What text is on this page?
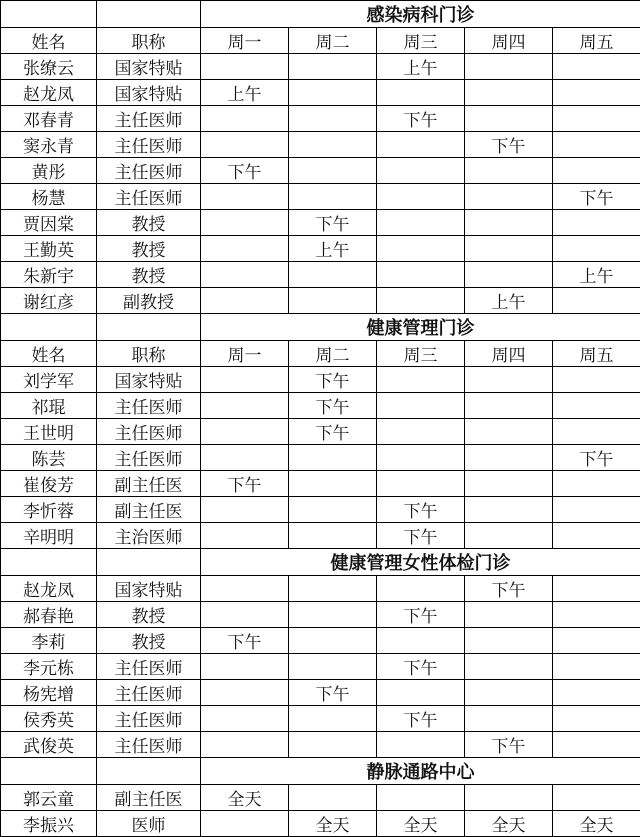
		感染病科门诊				
姓名	职称	周一	周二	周三	周四	周五
张缭云	国家特贴			上午		
赵龙凤	国家特贴	上午				
邓春青	主任医师			下午		
窦永青	主任医师				下午	
黄彤	主任医师	下午				
杨慧	主任医师					下午
贾因棠	教授		下午			
王勤英	教授		上午			
朱新宇	教授					上午
谢红彦	副教授				上午	
		健康管理门诊				
姓名	职称	周一	周二	周三	周四	周五
刘学军	国家特贴		下午			
祁琨	主任医师		下午			
王世明	主任医师		下午			
陈芸	主任医师					下午
崔俊芳	副主任医	下午				
李忻蓉	副主任医			下午		
辛明明	主治医师			下午		
		健康管理女性体检门诊				
赵龙凤	国家特贴				下午	
郝春艳	教授			下午		
李莉	教授	下午				
李元栋	主任医师			下午		
杨宪增	主任医师		下午			
侯秀英	主任医师			下午		
武俊英	主任医师				下午	
		静脉通路中心				
郭云童	副主任医	全天				
李振兴	医师		全天	全天	全天	全天
